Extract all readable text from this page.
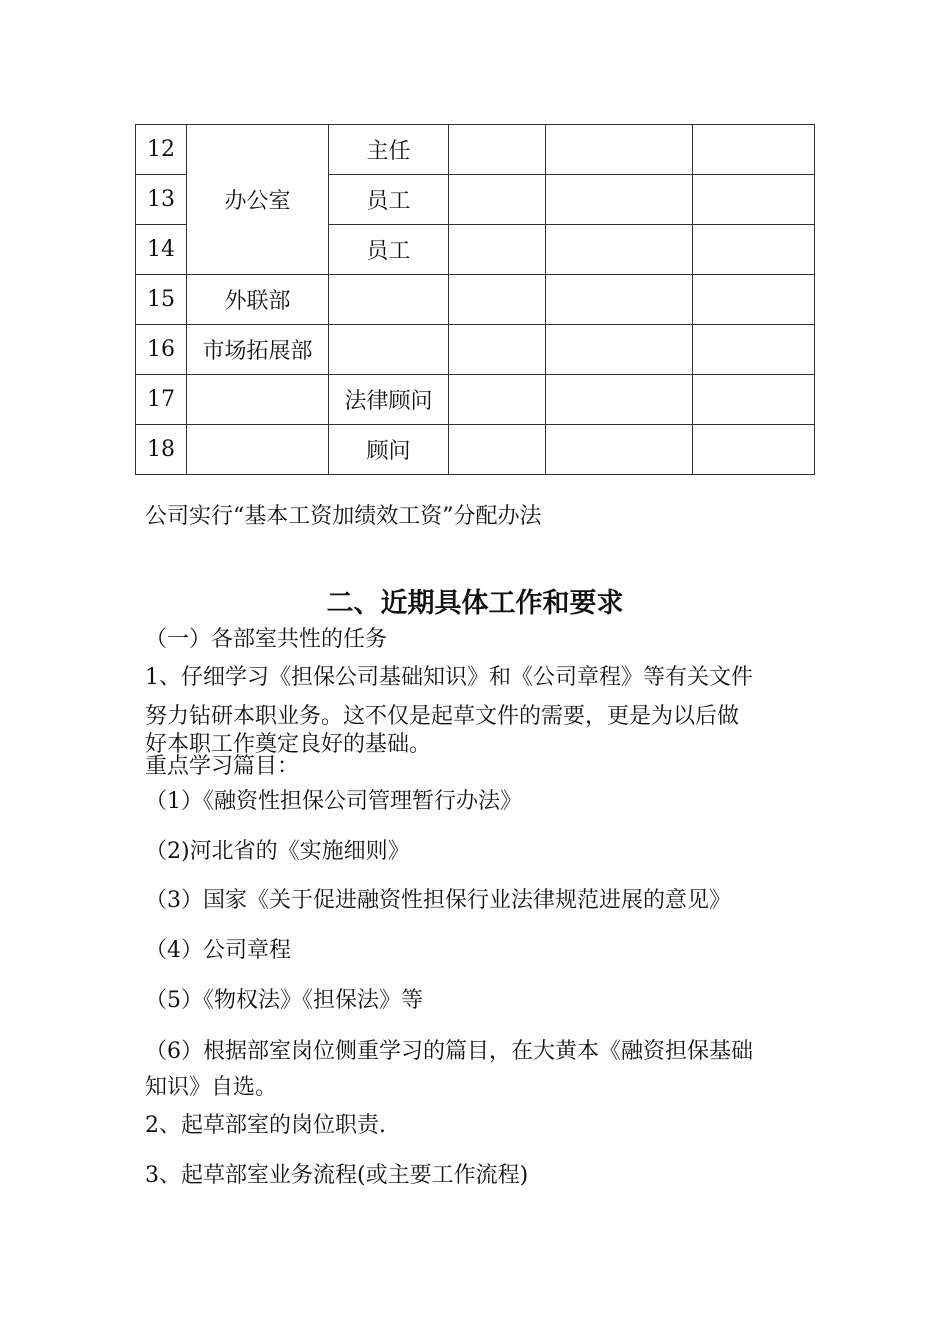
12	办公室	主任			
13		员工			
14		员工			
15	外联部				
16	市场拓展部				
17		法律顾问			
18		顾问			
公司实行“基本工资加绩效工资”分配办法
二、近期具体工作和要求
（一）各部室共性的任务
1、仔细学习《担保公司基础知识》和《公司章程》等有关文件
努力钻研本职业务。这不仅是起草文件的需要，更是为以后做
好本职工作奠定良好的基础。
重点学习篇目：
（1）《融资性担保公司管理暂行办法》
（2)河北省的《实施细则》
（3）国家《关于促进融资性担保行业法律规范进展的意见》
（4）公司章程
（5）《物权法》《担保法》等
（6）根据部室岗位侧重学习的篇目，在大黄本《融资担保基础
知识》自选。
2、起草部室的岗位职责.
3、起草部室业务流程(或主要工作流程)
